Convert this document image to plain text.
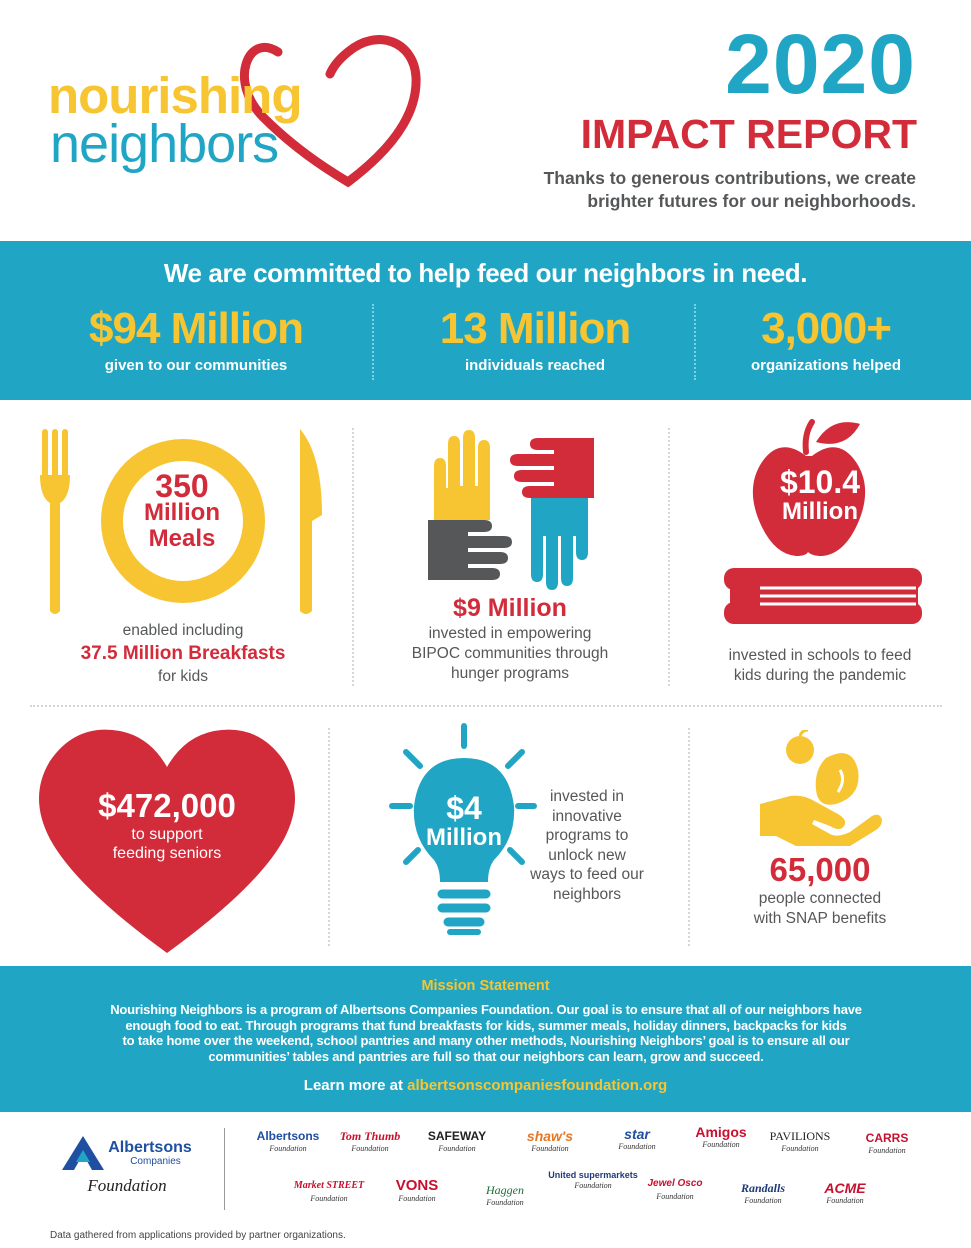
nourishing
neighbors
2020
IMPACT REPORT
Thanks to generous contributions, we create
brighter futures for our neighborhoods.
We are committed to help feed our neighbors in need.
$94 Million
given to our communities
13 Million
individuals reached
3,000+
organizations helped
350
Million
Meals
enabled including
37.5 Million Breakfasts
for kids
$9 Million
invested in empowering
BIPOC communities through
hunger programs
$10.4
Million
invested in schools to feed
kids during the pandemic
$472,000
to support
feeding seniors
$4
Million
invested in
innovative
programs to
unlock new
ways to feed our
neighbors
65,000
people connected
with SNAP benefits
Mission Statement
Nourishing Neighbors is a program of Albertsons Companies Foundation. Our goal is to ensure that all of our neighbors have
enough food to eat. Through programs that fund breakfasts for kids, summer meals, holiday dinners, backpacks for kids
to take home over the weekend, school pantries and many other methods, Nourishing Neighbors’ goal is to ensure all our
communities’ tables and pantries are full so that our neighbors can learn, grow and succeed.
Learn more at albertsonscompaniesfoundation.org
Albertsons
Companies
Foundation
Albertsons
Foundation
Tom Thumb
Foundation
SAFEWAY
Foundation
shaw's
Foundation
star
Foundation
Amigos
Foundation
PAVILIONS
Foundation
CARRS
Foundation
Market STREET
Foundation
VONS
Foundation
Haggen
Foundation
United supermarkets
Foundation	Jewel Osco
Foundation
Randalls
Foundation
ACME
Foundation
Data gathered from applications provided by partner organizations.
